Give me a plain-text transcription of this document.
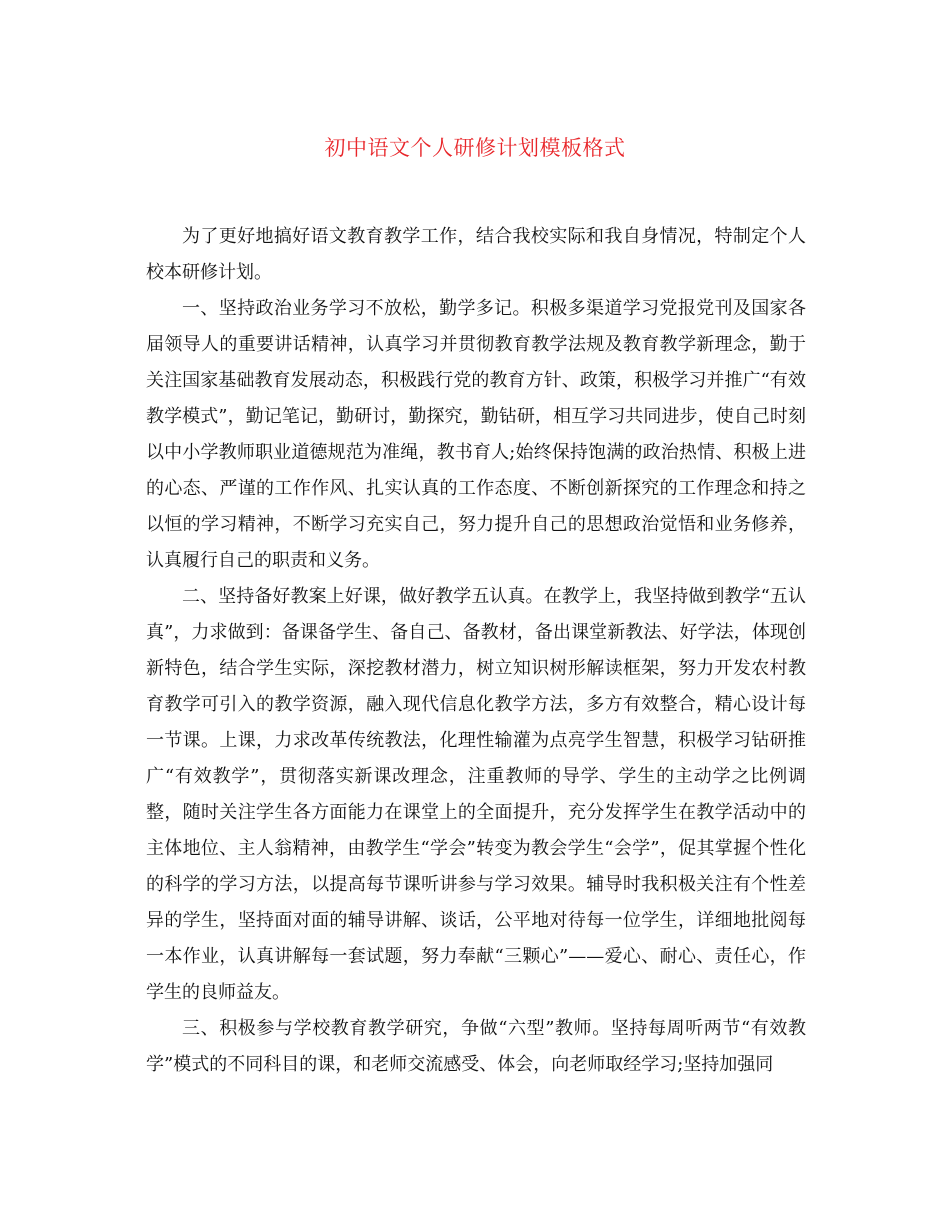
初中语文个人研修计划模板格式

为了更好地搞好语文教育教学工作，结合我校实际和我自身情况，特制定个人校本研修计划。

一、坚持政治业务学习不放松，勤学多记。积极多渠道学习党报党刊及国家各届领导人的重要讲话精神，认真学习并贯彻教育教学法规及教育教学新理念，勤于关注国家基础教育发展动态，积极践行党的教育方针、政策，积极学习并推广“有效教学模式”，勤记笔记，勤研讨，勤探究，勤钻研，相互学习共同进步，使自己时刻以中小学教师职业道德规范为准绳，教书育人;始终保持饱满的政治热情、积极上进的心态、严谨的工作作风、扎实认真的工作态度、不断创新探究的工作理念和持之以恒的学习精神，不断学习充实自己，努力提升自己的思想政治觉悟和业务修养，认真履行自己的职责和义务。

二、坚持备好教案上好课，做好教学五认真。在教学上，我坚持做到教学“五认真”，力求做到：备课备学生、备自己、备教材，备出课堂新教法、好学法，体现创新特色，结合学生实际，深挖教材潜力，树立知识树形解读框架，努力开发农村教育教学可引入的教学资源，融入现代信息化教学方法，多方有效整合，精心设计每一节课。上课，力求改革传统教法，化理性输灌为点亮学生智慧，积极学习钻研推广“有效教学”，贯彻落实新课改理念，注重教师的导学、学生的主动学之比例调整，随时关注学生各方面能力在课堂上的全面提升，充分发挥学生在教学活动中的主体地位、主人翁精神，由教学生“学会”转变为教会学生“会学”，促其掌握个性化的科学的学习方法，以提高每节课听讲参与学习效果。辅导时我积极关注有个性差异的学生，坚持面对面的辅导讲解、谈话，公平地对待每一位学生，详细地批阅每一本作业，认真讲解每一套试题，努力奉献“三颗心”——爱心、耐心、责任心，作学生的良师益友。

三、积极参与学校教育教学研究，争做“六型”教师。坚持每周听两节“有效教学”模式的不同科目的课，和老师交流感受、体会，向老师取经学习;坚持加强同
